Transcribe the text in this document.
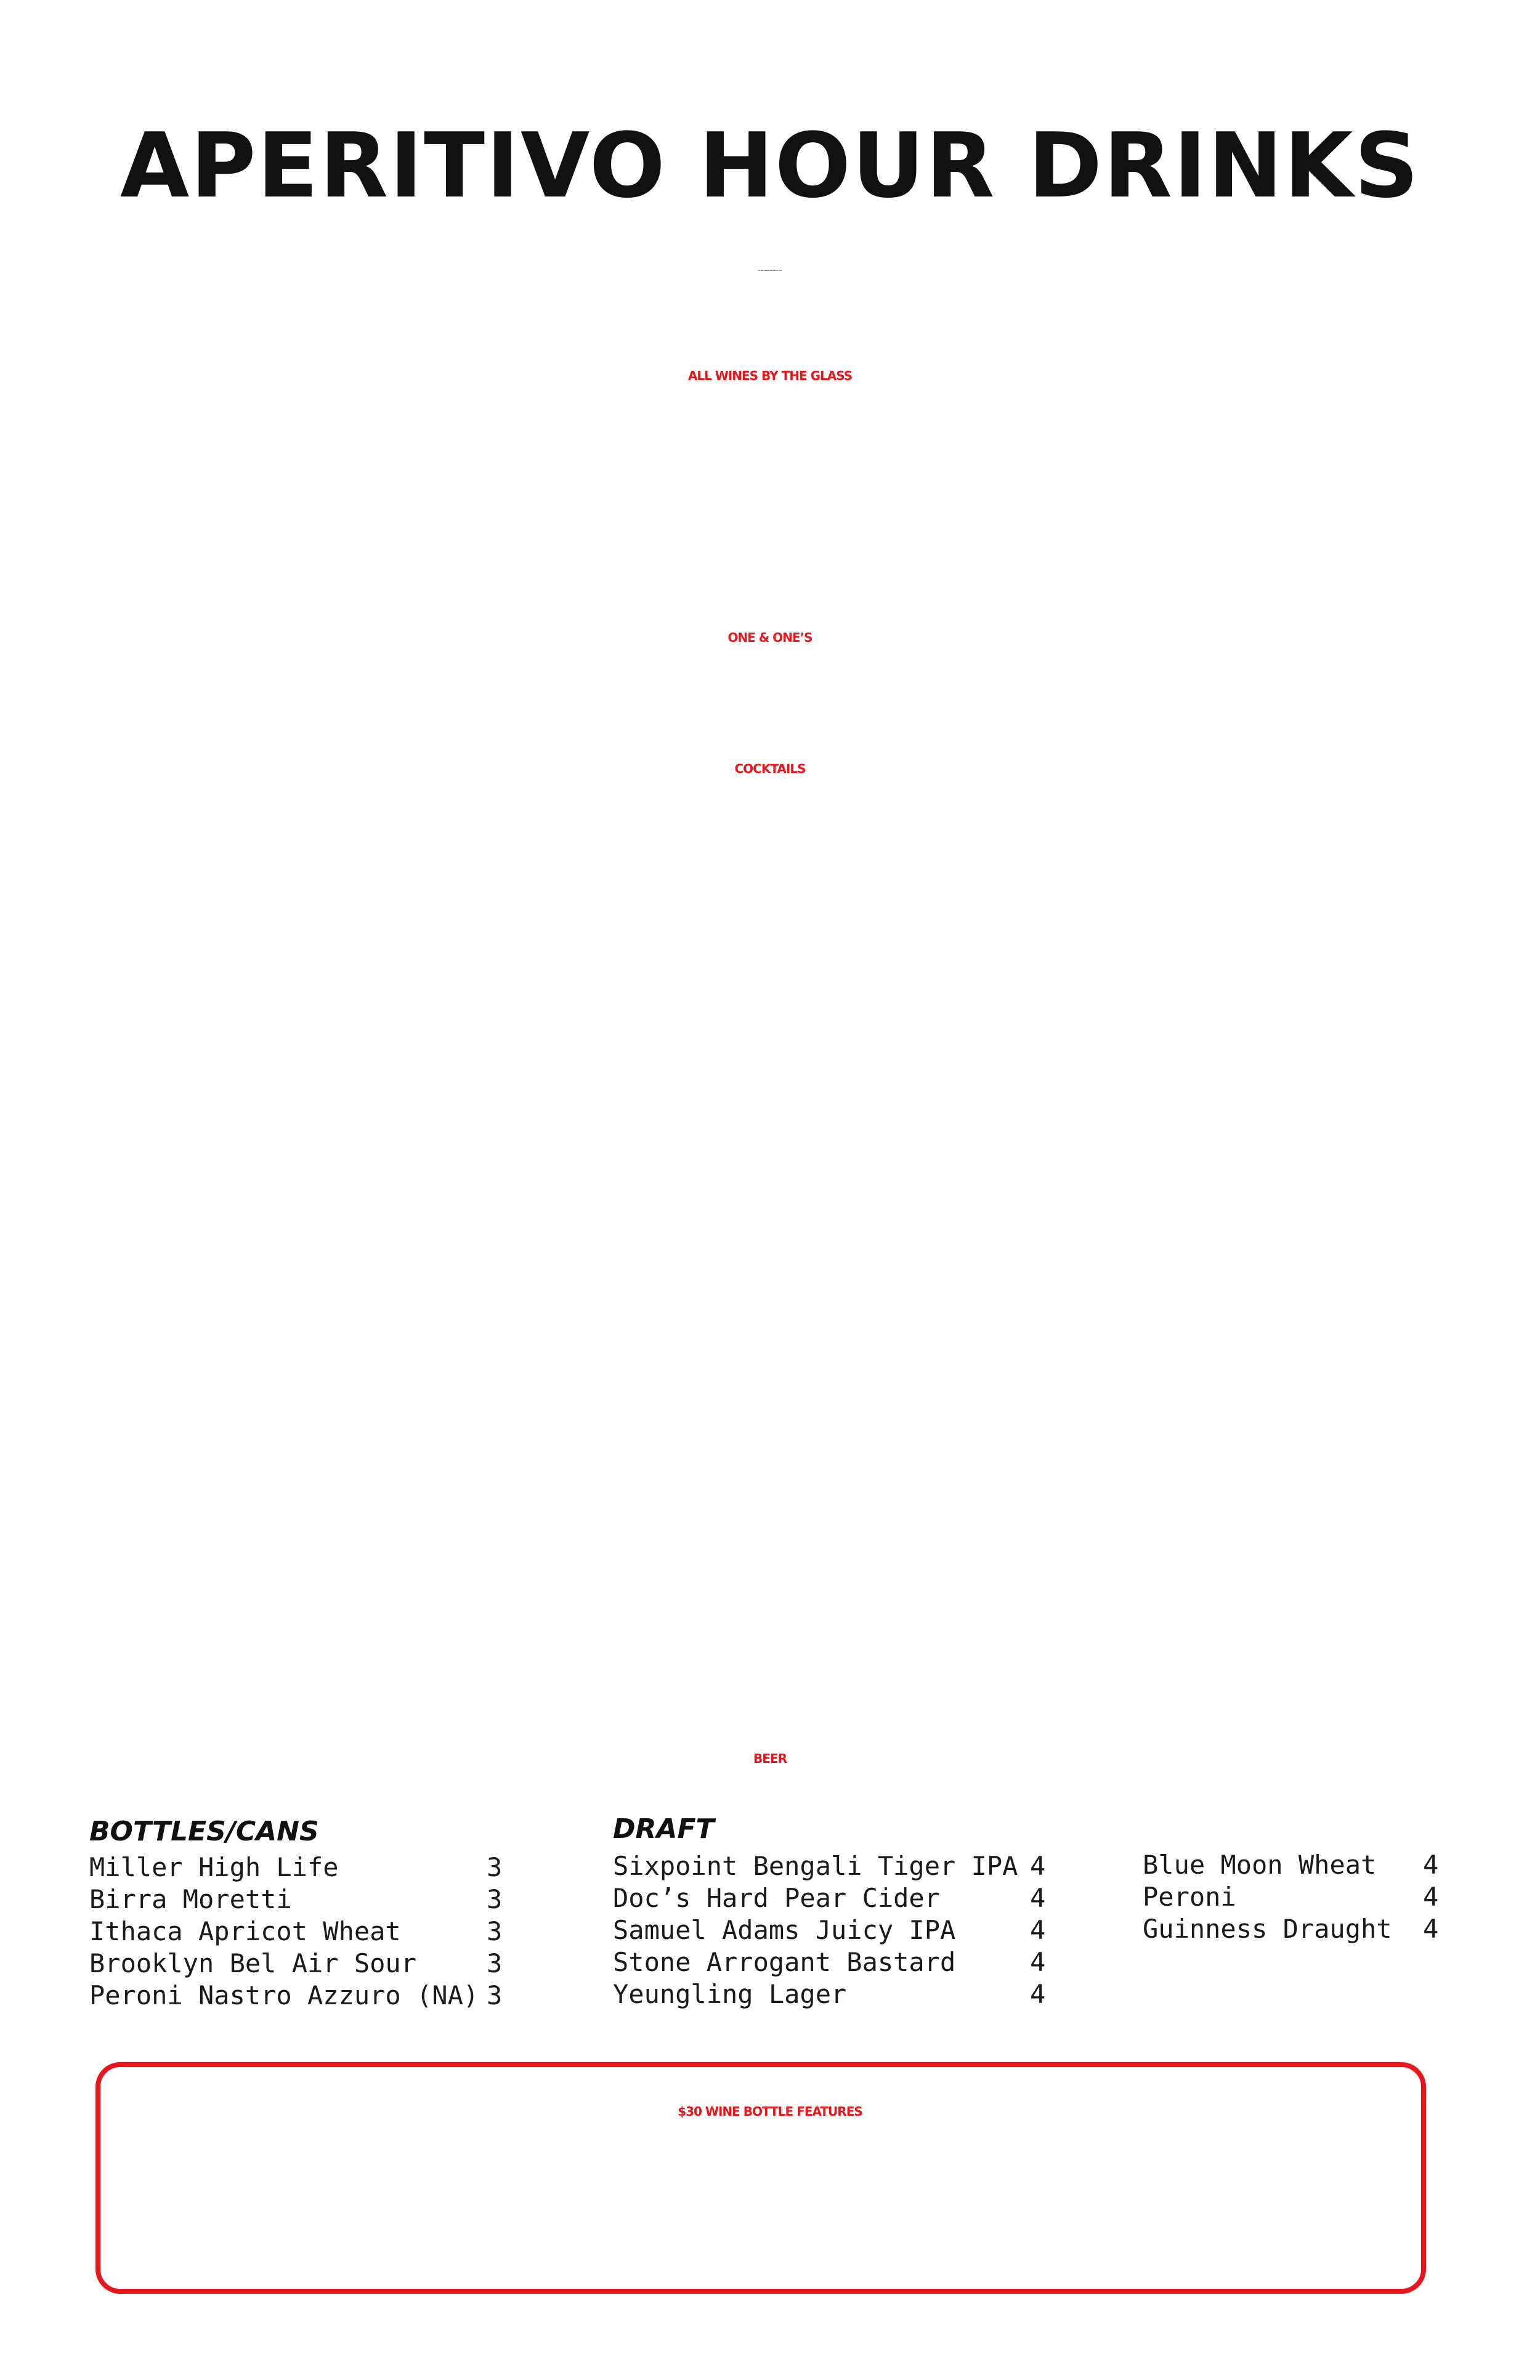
APERITIVO HOUR DRINKS
$6 AND UNDER EVERY DAY 4-6PM
ALL WINES BY THE GLASS
ONE & ONE’S
COCKTAILS
BEER
BOTTLES/CANS	DRAFT
Miller High Life	3
Birra Moretti	3
Ithaca Apricot Wheat	3
Brooklyn Bel Air Sour	3
Peroni Nastro Azzuro (NA) 3
Sixpoint Bengali Tiger IPA 4
Doc’s Hard Pear Cider	4
Samuel Adams Juicy IPA	4
Stone Arrogant Bastard	4
Yeungling Lager	4
Blue Moon Wheat 4
Peroni	4
Guinness Draught 4
$30 WINE BOTTLE FEATURES
